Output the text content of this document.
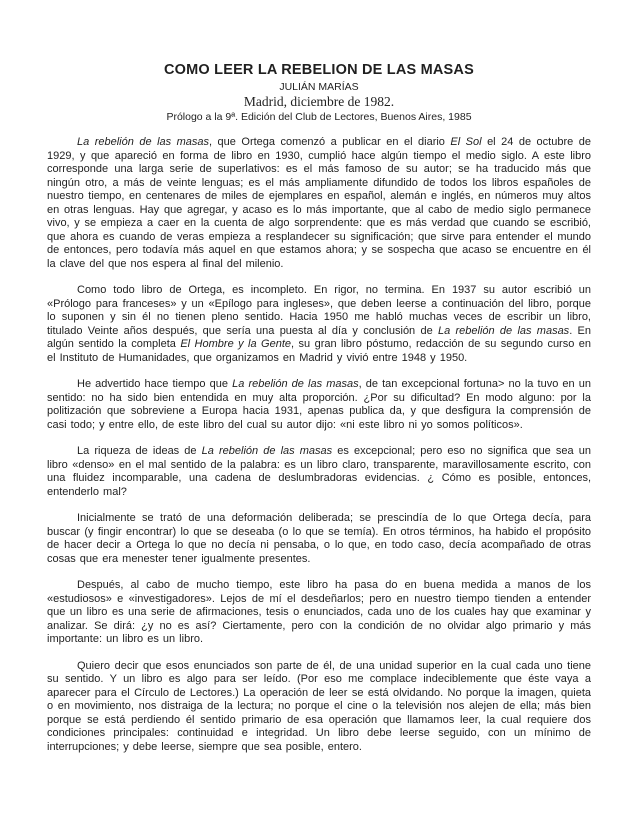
COMO LEER LA REBELION DE LAS MASAS
JULIÁN MARÍAS
Madrid, diciembre de 1982.
Prólogo a la 9ª. Edición del Club de Lectores, Buenos Aires, 1985

La rebelión de las masas, que Ortega comenzó a publicar en el diario El Sol el 24 de octubre de 1929, y que apareció en forma de libro en 1930, cumplió hace algún tiempo el medio siglo. A este libro corresponde una larga serie de superlativos: es el más famoso de su autor; se ha traducido más que ningún otro, a más de veinte lenguas; es el más ampliamente difundido de todos los libros españoles de nuestro tiempo, en centenares de miles de ejemplares en español, alemán e inglés, en números muy altos en otras lenguas. Hay que agregar, y acaso es lo más importante, que al cabo de medio siglo permanece vivo, y se empieza a caer en la cuenta de algo sorprendente: que es más verdad que cuando se escribió, que ahora es cuando de veras empieza a resplandecer su significación; que sirve para entender el mundo de entonces, pero todavía más aquel en que estamos ahora; y se sospecha que acaso se encuentre en él la clave del que nos espera al final del milenio.

Como todo libro de Ortega, es incompleto. En rigor, no termina. En 1937 su autor escribió un «Prólogo para franceses» y un «Epílogo para ingleses», que deben leerse a continuación del libro, porque lo suponen y sin él no tienen pleno sentido. Hacia 1950 me habló muchas veces de escribir un libro, titulado Veinte años después, que sería una puesta al día y conclusión de La rebelión de las masas. En algún sentido la completa El Hombre y la Gente, su gran libro póstumo, redacción de su segundo curso en el Instituto de Humanidades, que organizamos en Madrid y vivió entre 1948 y 1950.

He advertido hace tiempo que La rebelión de las masas, de tan excepcional fortuna> no la tuvo en un sentido: no ha sido bien entendida en muy alta proporción. ¿Por su dificultad? En modo alguno: por la politización que sobreviene a Europa hacia 1931, apenas publica da, y que desfigura la comprensión de casi todo; y entre ello, de este libro del cual su autor dijo: «ni este libro ni yo somos políticos».

La riqueza de ideas de La rebelión de las masas es excepcional; pero eso no significa que sea un libro «denso» en el mal sentido de la palabra: es un libro claro, transparente, maravillosamente escrito, con una fluidez incomparable, una cadena de deslumbradoras evidencias. ¿ Cómo es posible, entonces, entenderlo mal?

Inicialmente se trató de una deformación deliberada; se prescindía de lo que Ortega decía, para buscar (y fingir encontrar) lo que se deseaba (o lo que se temía). En otros términos, ha habido el propósito de hacer decir a Ortega lo que no decía ni pensaba, o lo que, en todo caso, decía acompañado de otras cosas que era menester tener igualmente presentes.

Después, al cabo de mucho tiempo, este libro ha pasa do en buena medida a manos de los «estudiosos» e «investigadores». Lejos de mí el desdeñarlos; pero en nuestro tiempo tienden a entender que un libro es una serie de afirmaciones, tesis o enunciados, cada uno de los cuales hay que examinar y analizar. Se dirá: ¿y no es así? Ciertamente, pero con la condición de no olvidar algo primario y más importante: un libro es un libro.

Quiero decir que esos enunciados son parte de él, de una unidad superior en la cual cada uno tiene su sentido. Y un libro es algo para ser leído. (Por eso me complace indeciblemente que éste vaya a aparecer para el Círculo de Lectores.) La operación de leer se está olvidando. No porque la imagen, quieta o en movimiento, nos distraiga de la lectura; no porque el cine o la televisión nos alejen de ella; más bien porque se está perdiendo él sentido primario de esa operación que llamamos leer, la cual requiere dos condiciones principales: continuidad e integridad. Un libro debe leerse seguido, con un mínimo de interrupciones; y debe leerse, siempre que sea posible, entero.
